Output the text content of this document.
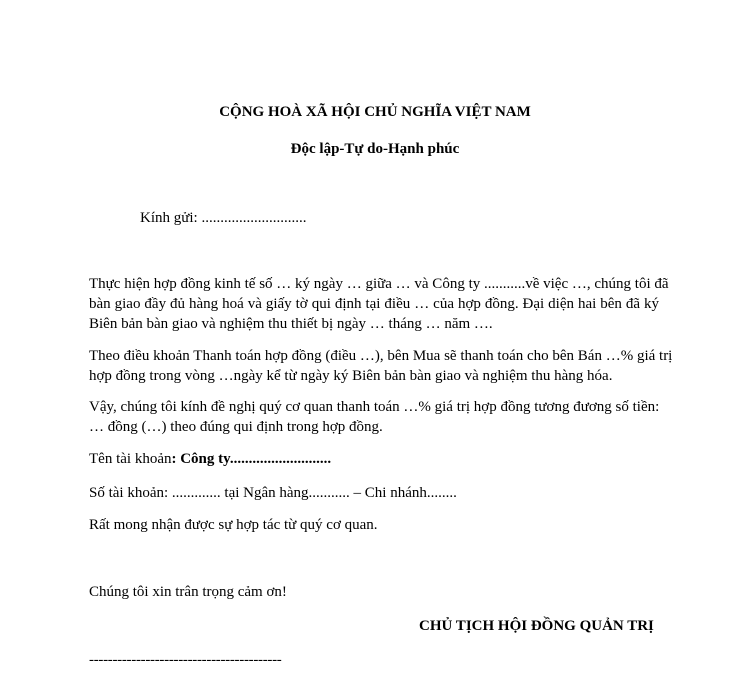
CỘNG HOÀ XÃ HỘI CHỦ NGHĨA VIỆT NAM
Độc lập-Tự do-Hạnh phúc
Kính gửi: ............................
Thực hiện hợp đồng kinh tế số … ký ngày … giữa … và Công ty ...........về việc …, chúng tôi đã
bàn giao đầy đủ hàng hoá và giấy tờ qui định tại điều … của hợp đồng. Đại diện hai bên đã ký
Biên bản bàn giao và nghiệm thu thiết bị ngày … tháng … năm ….
Theo điều khoản Thanh toán hợp đồng (điều …), bên Mua sẽ thanh toán cho bên Bán …% giá trị
hợp đồng trong vòng …ngày kể từ ngày ký Biên bản bàn giao và nghiệm thu hàng hóa.
Vậy, chúng tôi kính đề nghị quý cơ quan thanh toán …% giá trị hợp đồng tương đương số tiền:
… đồng (…) theo đúng qui định trong hợp đồng.
Tên tài khoản: Công ty...........................
Số tài khoản: ............. tại Ngân hàng........... – Chi nhánh........
Rất mong nhận được sự hợp tác từ quý cơ quan.
Chúng tôi xin trân trọng cảm ơn!
CHỦ TỊCH HỘI ĐỒNG QUẢN TRỊ
-----------------------------------------
